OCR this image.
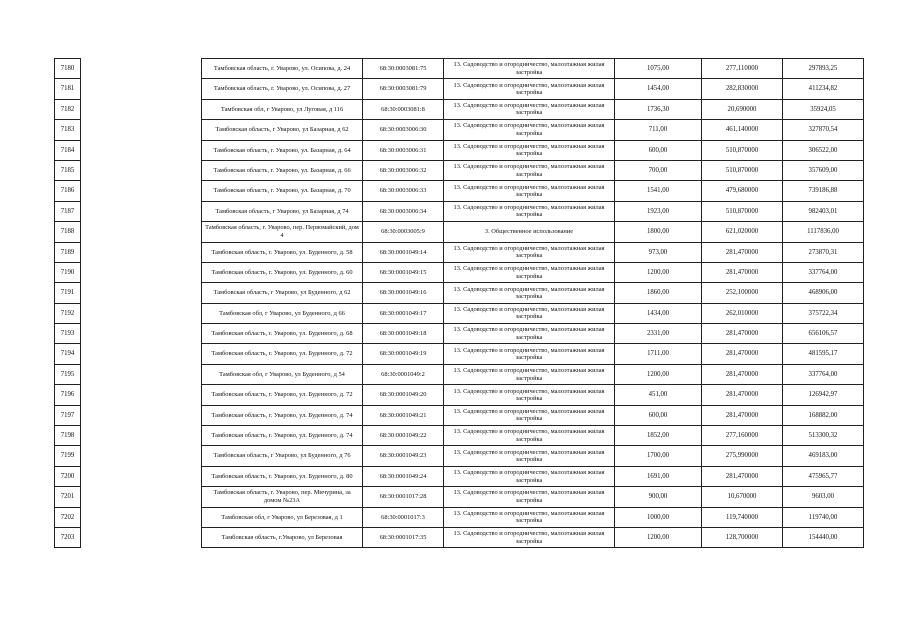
7180		Тамбовская область, г. Уварово, ул. Осипова, д. 24	68:30:0003081:75	13. Садоводство и огородничество, малоэтажная жилая застройка	1075,00	277,110000	297893,25
7181		Тамбовская область, г. Уварово, ул. Осипова, д. 27	68:30:0003081:79	13. Садоводство и огородничество, малоэтажная жилая застройка	1454,00	282,830000	411234,82
7182		Тамбовская обл, г Уварово, ул Луговая, д 116	68:30:0003081:8	13. Садоводство и огородничество, малоэтажная жилая застройка	1736,30	20,690000	35924,05
7183		Тамбовская область, г Уварово, ул Базарная, д 62	68:30:0003006:30	13. Садоводство и огородничество, малоэтажная жилая застройка	711,00	461,140000	327870,54
7184		Тамбовская область, г. Уварово, ул. Базарная, д. 64	68:30:0003006:31	13. Садоводство и огородничество, малоэтажная жилая застройка	600,00	510,870000	306522,00
7185		Тамбовская область, г. Уварово, ул. Базарная, д. 66	68:30:0003006:32	13. Садоводство и огородничество, малоэтажная жилая застройка	700,00	510,870000	357609,00
7186		Тамбовская область, г. Уварово, ул. Базарная, д. 70	68:30:0003006:33	13. Садоводство и огородничество, малоэтажная жилая застройка	1541,00	479,680000	739186,88
7187		Тамбовская область, г Уварово, ул Базарная, д 74	68:30:0003006:34	13. Садоводство и огородничество, малоэтажная жилая застройка	1923,00	510,870000	982403,01
7188		Тамбовская область, г. Уварово, пер. Первомайский, дом 4	68:30:0003005:9	3. Общественное использование	1800,00	621,020000	1117836,00
7189		Тамбовская область, г. Уварово, ул. Буденного, д. 58	68:30:0001049:14	13. Садоводство и огородничество, малоэтажная жилая застройка	973,00	281,470000	273870,31
7190		Тамбовская область, г. Уварово, ул. Буденного, д. 60	68:30:0001049:15	13. Садоводство и огородничество, малоэтажная жилая застройка	1200,00	281,470000	337764,00
7191		Тамбовская область, г Уварово, ул Буденного, д 62	68:30:0001049:16	13. Садоводство и огородничество, малоэтажная жилая застройка	1860,00	252,100000	468906,00
7192		Тамбовская обл, г Уварово, ул Буденного, д 66	68:30:0001049:17	13. Садоводство и огородничество, малоэтажная жилая застройка	1434,00	262,010000	375722,34
7193		Тамбовская область, г. Уварово, ул. Буденного, д. 68	68:30:0001049:18	13. Садоводство и огородничество, малоэтажная жилая застройка	2331,00	281,470000	656106,57
7194		Тамбовская область, г. Уварово, ул. Буденного, д. 72	68:30:0001049:19	13. Садоводство и огородничество, малоэтажная жилая застройка	1711,00	281,470000	481595,17
7195		Тамбовская обл, г Уварово, ул Буденного, д 54	68:30:0001049:2	13. Садоводство и огородничество, малоэтажная жилая застройка	1200,00	281,470000	337764,00
7196		Тамбовская область, г. Уварово, ул. Буденного, д. 72	68:30:0001049:20	13. Садоводство и огородничество, малоэтажная жилая застройка	451,00	281,470000	126942,97
7197		Тамбовская область, г. Уварово, ул. Буденного, д. 74	68:30:0001049:21	13. Садоводство и огородничество, малоэтажная жилая застройка	600,00	281,470000	168882,00
7198		Тамбовская область, г. Уварово, ул. Буденного, д. 74	68:30:0001049:22	13. Садоводство и огородничество, малоэтажная жилая застройка	1852,00	277,160000	513300,32
7199		Тамбовская область, г Уварово, ул Буденного, д 76	68:30:0001049:23	13. Садоводство и огородничество, малоэтажная жилая застройка	1700,00	275,990000	469183,00
7200		Тамбовская область, г. Уварово, ул. Буденного, д. 80	68:30:0001049:24	13. Садоводство и огородничество, малоэтажная жилая застройка	1691,00	281,470000	475965,77
7201		Тамбовская область, г. Уварово, пер. Мичурина, за домом №23А	68:30:0001017:28	13. Садоводство и огородничество, малоэтажная жилая застройка	900,00	10,670000	9603,00
7202		Тамбовская обл, г Уварово, ул Березовая, д 1	68:30:0001017:3	13. Садоводство и огородничество, малоэтажная жилая застройка	1000,00	119,740000	119740,00
7203		Тамбовская область, г.Уварово, ул Березовая	68:30:0001017:35	13. Садоводство и огородничество, малоэтажная жилая застройка	1200,00	128,700000	154440,00
